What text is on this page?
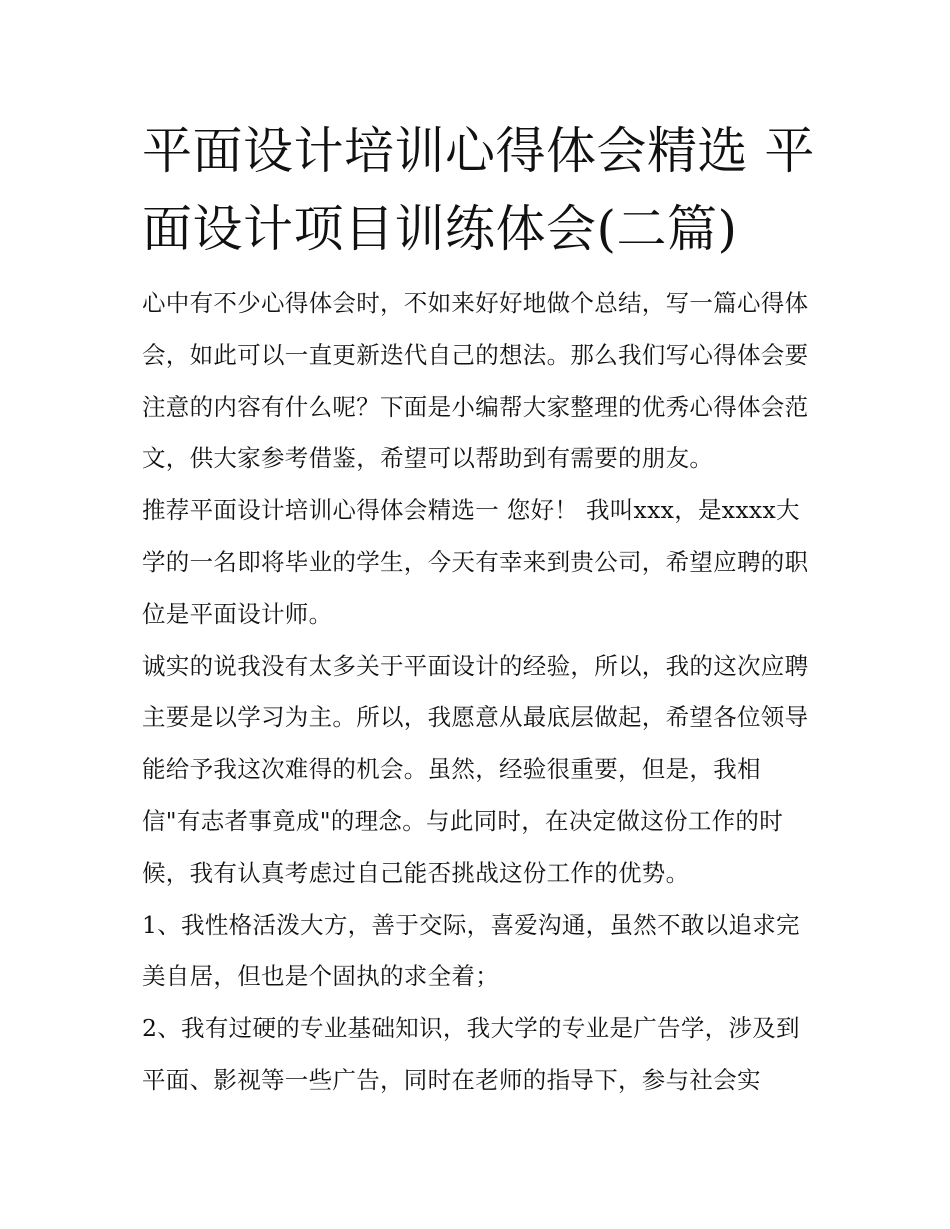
平面设计培训心得体会精选 平面设计项目训练体会(二篇)

心中有不少心得体会时，不如来好好地做个总结，写一篇心得体会，如此可以一直更新迭代自己的想法。那么我们写心得体会要注意的内容有什么呢？下面是小编帮大家整理的优秀心得体会范文，供大家参考借鉴，希望可以帮助到有需要的朋友。

推荐平面设计培训心得体会精选一 您好！ 我叫xxx，是xxxx大学的一名即将毕业的学生，今天有幸来到贵公司，希望应聘的职位是平面设计师。

诚实的说我没有太多关于平面设计的经验，所以，我的这次应聘主要是以学习为主。所以，我愿意从最底层做起，希望各位领导能给予我这次难得的机会。虽然，经验很重要，但是，我相信"有志者事竟成"的理念。与此同时，在决定做这份工作的时候，我有认真考虑过自己能否挑战这份工作的优势。

1、我性格活泼大方，善于交际，喜爱沟通，虽然不敢以追求完美自居，但也是个固执的求全着；

2、我有过硬的专业基础知识，我大学的专业是广告学，涉及到平面、影视等一些广告，同时在老师的指导下，参与社会实
